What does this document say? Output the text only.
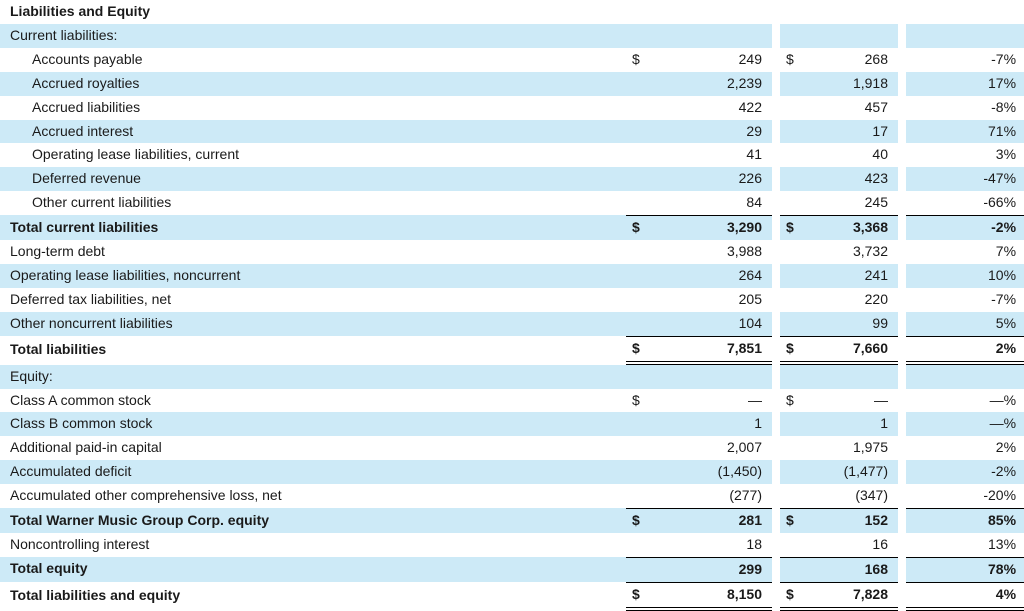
Liabilities and Equity							
Current liabilities:							
Accounts payable	$	249		$	268		-7%
Accrued royalties		2,239			1,918		17%
Accrued liabilities		422			457		-8%
Accrued interest		29			17		71%
Operating lease liabilities, current		41			40		3%
Deferred revenue		226			423		-47%
Other current liabilities		84			245		-66%
Total current liabilities	$	3,290		$	3,368		-2%
Long-term debt		3,988			3,732		7%
Operating lease liabilities, noncurrent		264			241		10%
Deferred tax liabilities, net		205			220		-7%
Other noncurrent liabilities		104			99		5%
Total liabilities	$	7,851		$	7,660		2%
Equity:							
Class A common stock	$	—		$	—		—%
Class B common stock		1			1		—%
Additional paid-in capital		2,007			1,975		2%
Accumulated deficit		(1,450)			(1,477)		-2%
Accumulated other comprehensive loss, net		(277)			(347)		-20%
Total Warner Music Group Corp. equity	$	281		$	152		85%
Noncontrolling interest		18			16		13%
Total equity		299			168		78%
Total liabilities and equity	$	8,150		$	7,828		4%
